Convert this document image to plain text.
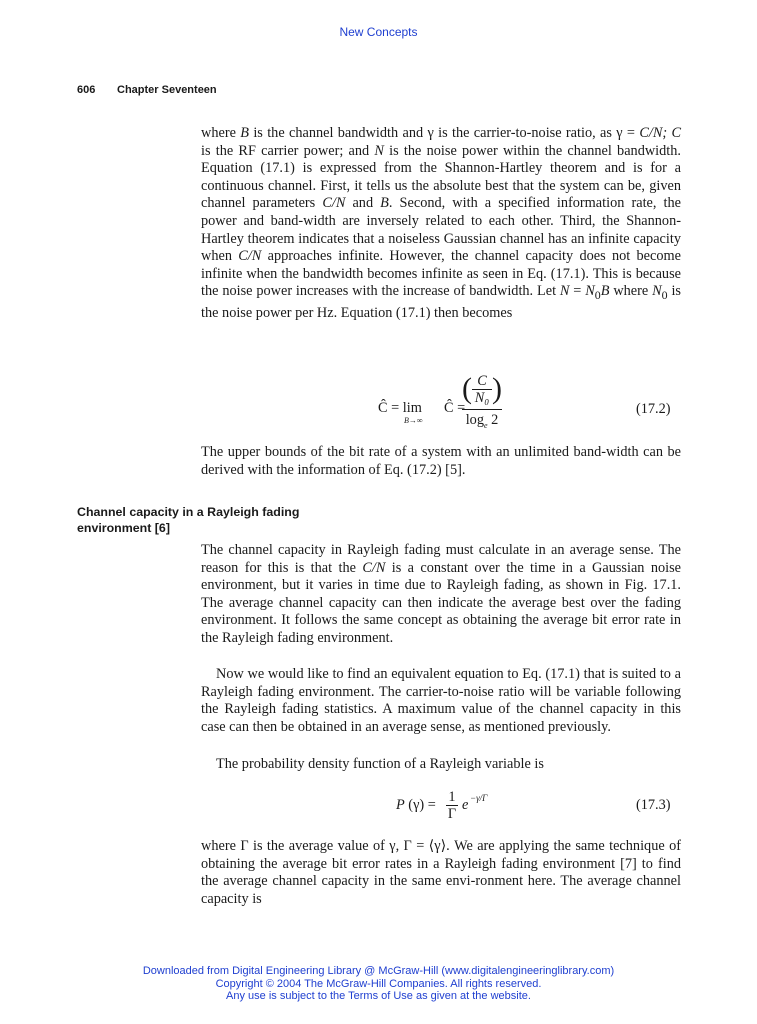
New Concepts
606 Chapter Seventeen

where B is the channel bandwidth and γ is the carrier-to-noise ratio, as γ = C/N; C is the RF carrier power; and N is the noise power within the channel bandwidth. Equation (17.1) is expressed from the Shannon-Hartley theorem and is for a continuous channel. First, it tells us the absolute best that the system can be, given channel parameters C/N and B. Second, with a specified information rate, the power and band-width are inversely related to each other. Third, the Shannon-Hartley theorem indicates that a noiseless Gaussian channel has an infinite capacity when C/N approaches infinite. However, the channel capacity does not become infinite when the bandwidth becomes infinite as seen in Eq. (17.1). This is because the noise power increases with the increase of bandwidth. Let $N = N_0B$ where $N_0$ is the noise power per Hz. Equation (17.1) then becomes

Ĉ = lim
B→∞
Ĉ =
( C
N₀ )
$\log_e 2$
(17.2)

The upper bounds of the bit rate of a system with an unlimited band-width can be derived with the information of Eq. (17.2) [5].

Channel capacity in a Rayleigh fading
environment [6]

The channel capacity in Rayleigh fading must calculate in an average sense. The reason for this is that the C/N is a constant over the time in a Gaussian noise environment, but it varies in time due to Rayleigh fading, as shown in Fig. 17.1. The average channel capacity can then indicate the average best over the fading environment. It follows the same concept as obtaining the average bit error rate in the Rayleigh fading environment.

Now we would like to find an equivalent equation to Eq. (17.1) that is suited to a Rayleigh fading environment. The carrier-to-noise ratio will be variable following the Rayleigh fading statistics. A maximum value of the channel capacity in this case can then be obtained in an average sense, as mentioned previously.

The probability density function of a Rayleigh variable is

P (γ) = 1
Γ
e −γ/Γ	(17.3)

where Γ is the average value of γ, Γ = ⟨γ⟩. We are applying the same technique of obtaining the average bit error rates in a Rayleigh fading environment [7] to find the average channel capacity in the same envi-ronment here. The average channel capacity is

Downloaded from Digital Engineering Library @ McGraw-Hill (www.digitalengineeringlibrary.com)
Copyright © 2004 The McGraw-Hill Companies. All rights reserved.
Any use is subject to the Terms of Use as given at the website.
